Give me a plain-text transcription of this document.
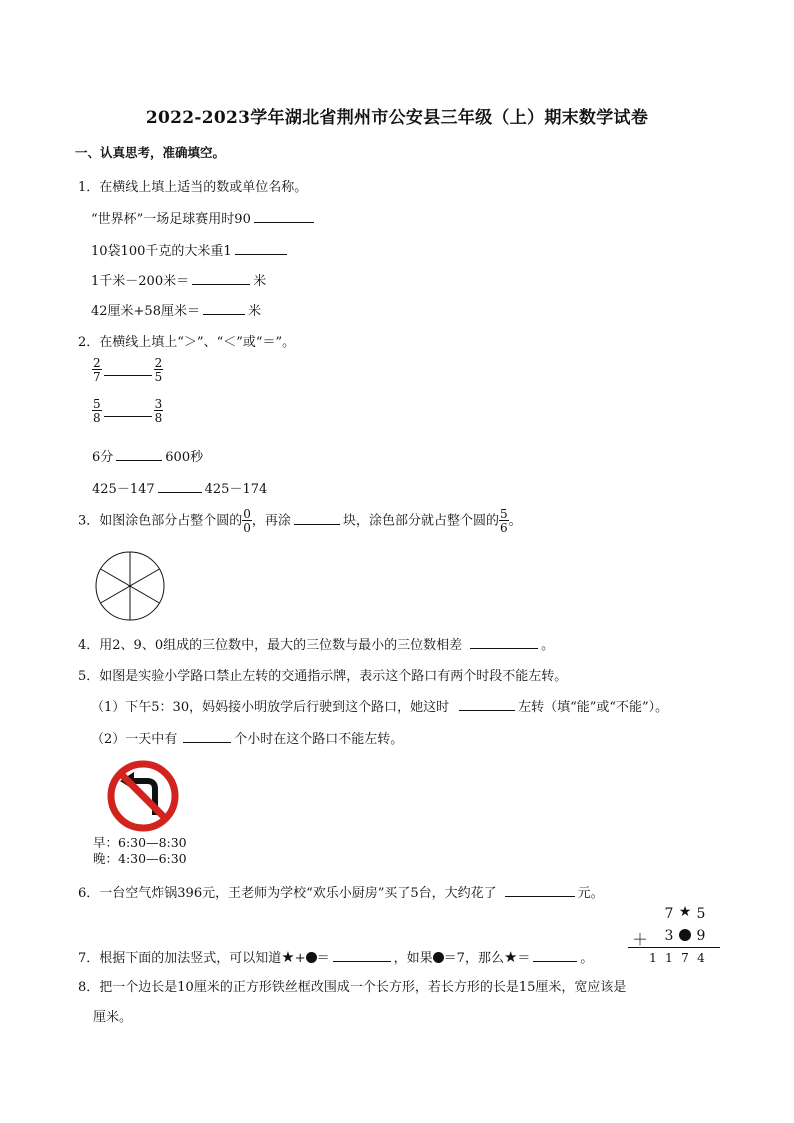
2022-2023学年湖北省荆州市公安县三年级（上）期末数学试卷
一、认真思考，准确填空。
1．在横线上填上适当的数或单位名称。
“世界杯”一场足球赛用时90
10袋100千克的大米重1
1千米－200米＝	米
42厘米+58厘米＝	米
2．在横线上填上“＞”、“＜”或“＝”。
$\frac{2}{7}$	$\frac{2}{5}$
$\frac{5}{8}$	$\frac{3}{8}$
6分	600秒
425－147	425－174
3．如图涂色部分占整个圆的 $\frac{0}{0}$ ，再涂	块，涂色部分就占整个圆的 $\frac{5}{6}$ 。
4．用2、9、0组成的三位数中，最大的三位数与最小的三位数相差	。
5．如图是实验小学路口禁止左转的交通指示牌，表示这个路口有两个时段不能左转。
（1）下午5：30，妈妈接小明放学后行驶到这个路口，她这时	左转（填“能”或“不能”）。
（2）一天中有	个小时在这个路口不能左转。
早：6:30—8:30
晚：4:30—6:30
6．一台空气炸锅396元，王老师为学校“欢乐小厨房”买了5台，大约花了	元。
7 ★ 5
＋ 3 9
1 1 7 4
7．根据下面的加法竖式，可以知道★+ ＝	，如果 ＝7，那么★＝	。
8．把一个边长是10厘米的正方形铁丝框改围成一个长方形，若长方形的长是15厘米，宽应该是
厘米。
